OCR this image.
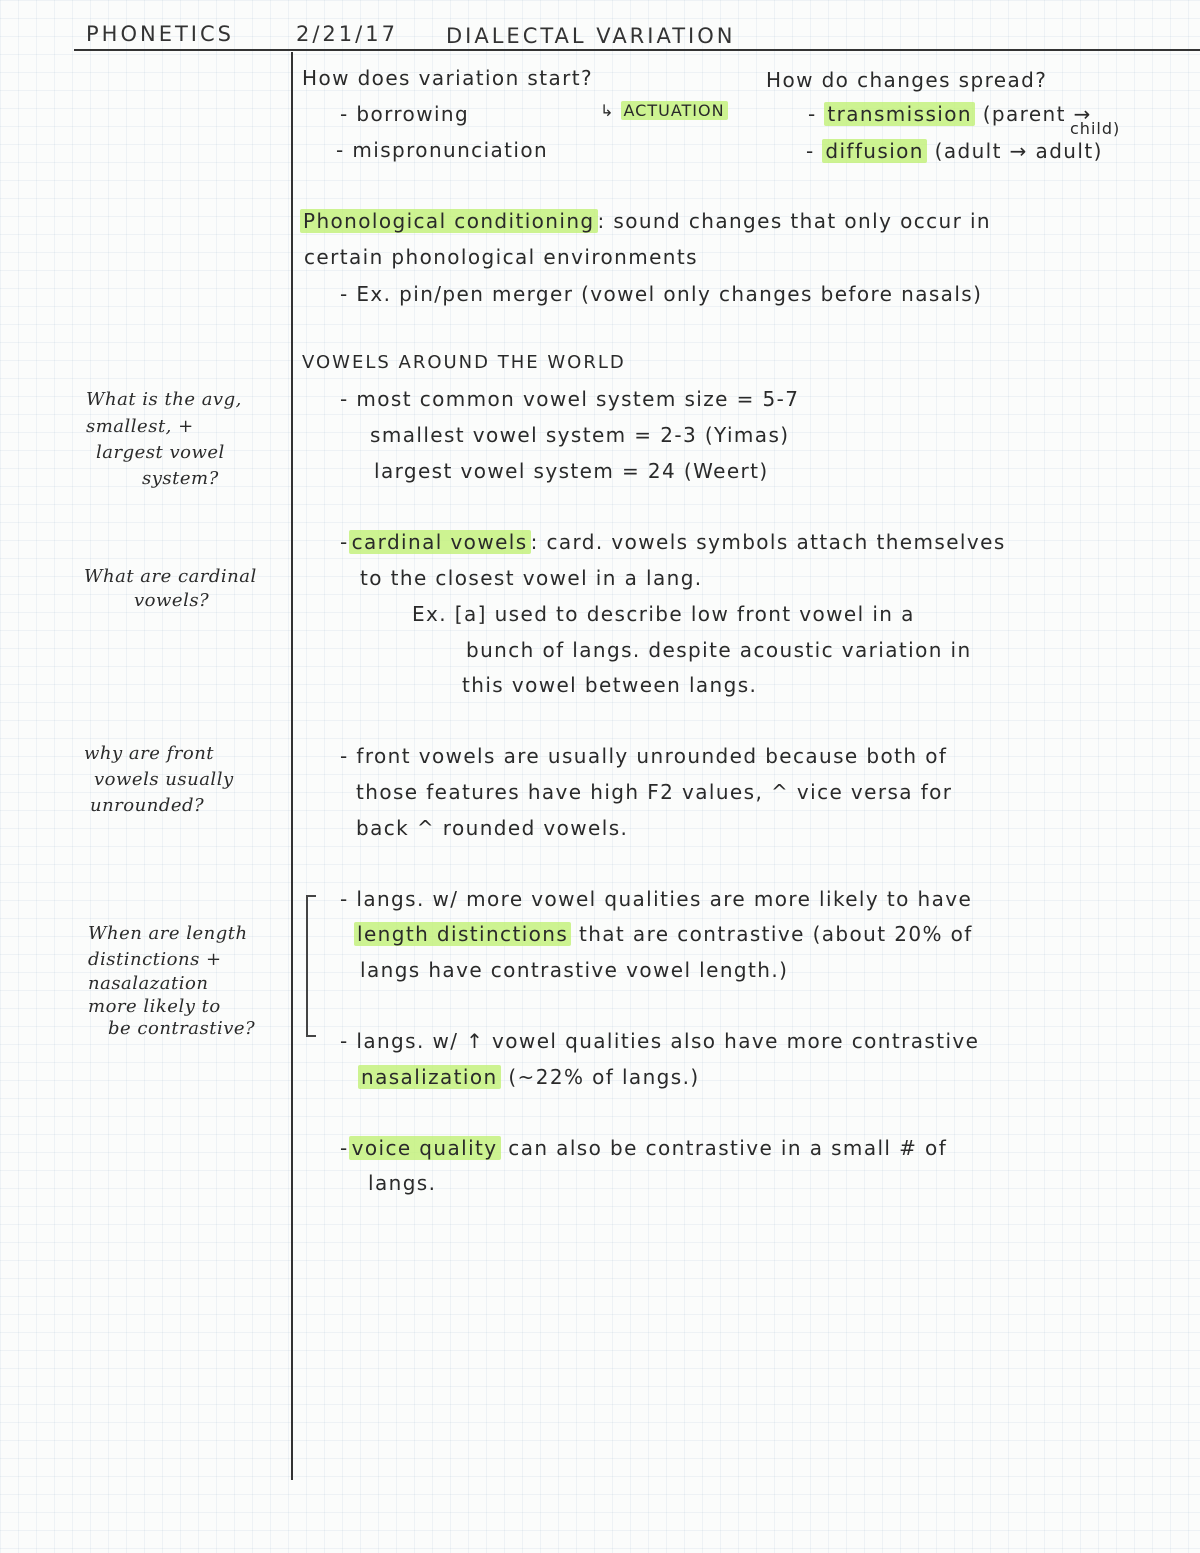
PHONETICS	2/21/17 DIALECTAL VARIATION
What is the avg,
smallest, +
largest vowel
system?
What are cardinal
vowels?
why are front
vowels usually
unrounded?
When are length
distinctions +
nasalazation
more likely to
be contrastive?
How does variation start?
↳ ACTUATION
- borrowing
- mispronunciation
How do changes spread?
- transmission (parent →
child)
- diffusion (adult → adult)
Phonological conditioning : sound changes that only occur in
certain phonological environments
- Ex. pin/pen merger (vowel only changes before nasals)
VOWELS AROUND THE WORLD
- most common vowel system size = 5-7
smallest vowel system = 2-3 (Yimas)
largest vowel system = 24 (Weert)
- cardinal vowels : card. vowels symbols attach themselves
to the closest vowel in a lang.
Ex. [a] used to describe low front vowel in a
bunch of langs. despite acoustic variation in
this vowel between langs.
- front vowels are usually unrounded because both of
those features have high F2 values, ^ vice versa for
back ^ rounded vowels.
- langs. w/ more vowel qualities are more likely to have
length distinctions that are contrastive (about 20% of
langs have contrastive vowel length.)
- langs. w/ ↑ vowel qualities also have more contrastive
nasalization (~22% of langs.)
- voice quality can also be contrastive in a small # of
langs.
